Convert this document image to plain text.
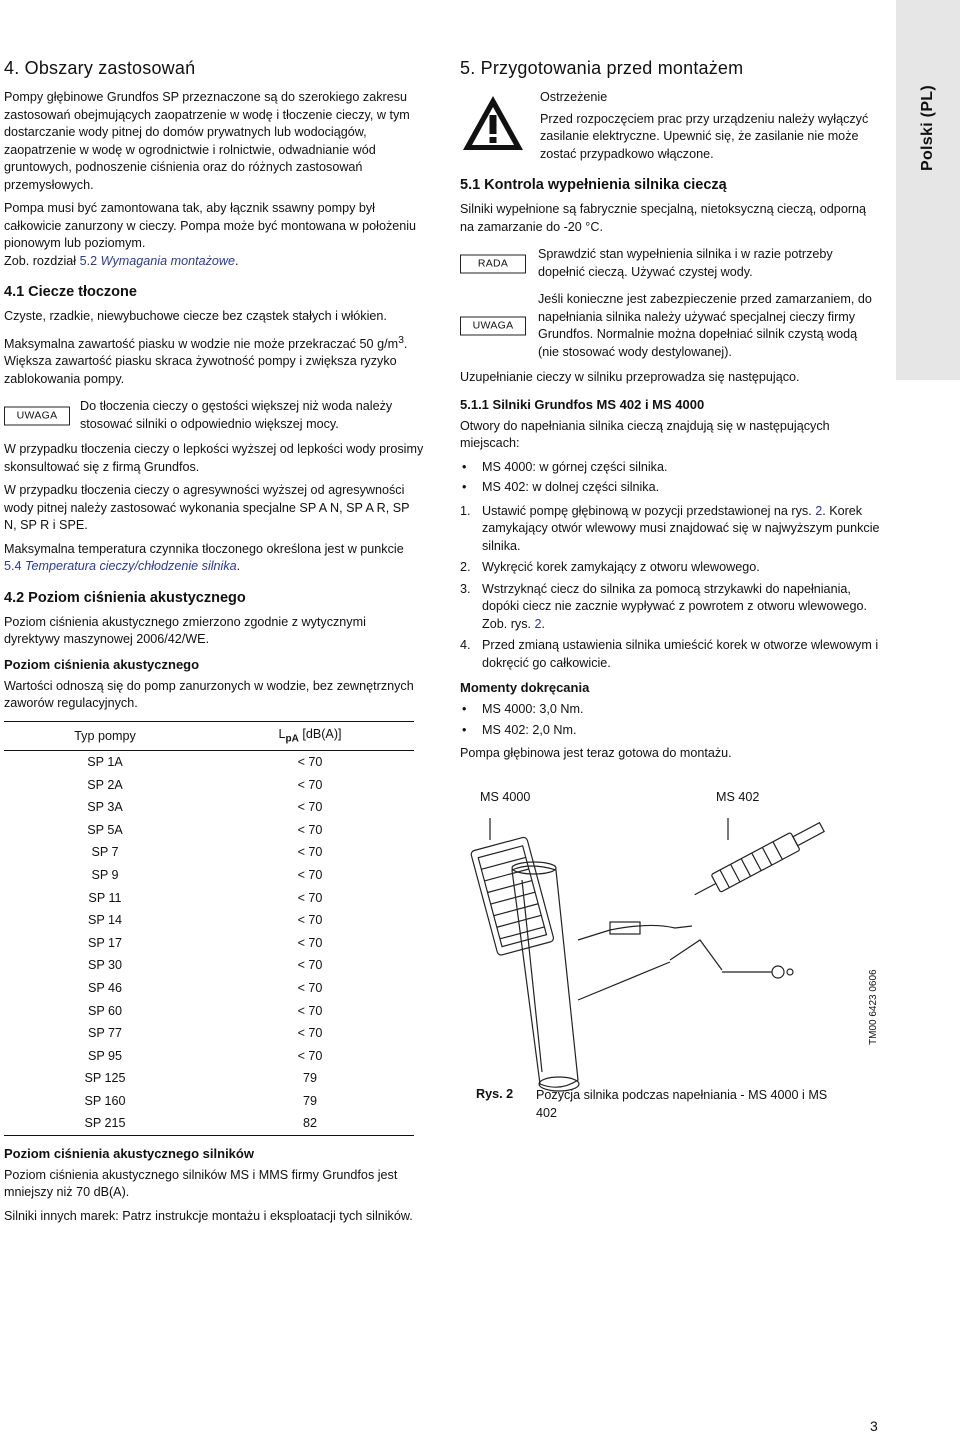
Polski (PL)
4. Obszary zastosowań

Pompy głębinowe Grundfos SP przeznaczone są do szerokiego zakresu zastosowań obejmujących zaopatrzenie w wodę i tłoczenie cieczy, w tym dostarczanie wody pitnej do domów prywatnych lub wodociągów, zaopatrzenie w wodę w ogrodnictwie i rolnictwie, odwadnianie wód gruntowych, podnoszenie ciśnienia oraz do różnych zastosowań przemysłowych.

Pompa musi być zamontowana tak, aby łącznik ssawny pompy był całkowicie zanurzony w cieczy. Pompa może być montowana w położeniu pionowym lub poziomym.
Zob. rozdział 5.2 Wymagania montażowe.

4.1 Ciecze tłoczone

Czyste, rzadkie, niewybuchowe ciecze bez cząstek stałych i włókien.

Maksymalna zawartość piasku w wodzie nie może przekraczać 50 $g/m^3$. Większa zawartość piasku skraca żywotność pompy i zwiększa ryzyko zablokowania pompy.

UWAGA

Do tłoczenia cieczy o gęstości większej niż woda należy stosować silniki o odpowiednio większej mocy.

W przypadku tłoczenia cieczy o lepkości wyższej od lepkości wody prosimy skonsultować się z firmą Grundfos.

W przypadku tłoczenia cieczy o agresywności wyższej od agresywności wody pitnej należy zastosować wykonania specjalne SP A N, SP A R, SP N, SP R i SPE.

Maksymalna temperatura czynnika tłoczonego określona jest w punkcie 5.4 Temperatura cieczy/chłodzenie silnika.

4.2 Poziom ciśnienia akustycznego

Poziom ciśnienia akustycznego zmierzono zgodnie z wytycznymi dyrektywy maszynowej 2006/42/WE.

Poziom ciśnienia akustycznego

Wartości odnoszą się do pomp zanurzonych w wodzie, bez zewnętrznych zaworów regulacyjnych.

Typ pompy	$L_{pA}$ [dB(A)]
SP 1A	< 70
SP 2A	< 70
SP 3A	< 70
SP 5A	< 70
SP 7	< 70
SP 9	< 70
SP 11	< 70
SP 14	< 70
SP 17	< 70
SP 30	< 70
SP 46	< 70
SP 60	< 70
SP 77	< 70
SP 95	< 70
SP 125	79
SP 160	79
SP 215	82
Poziom ciśnienia akustycznego silników

Poziom ciśnienia akustycznego silników MS i MMS firmy Grundfos jest mniejszy niż 70 dB(A).

Silniki innych marek: Patrz instrukcje montażu i eksploatacji tych silników.

5. Przygotowania przed montażem

Ostrzeżenie

Przed rozpoczęciem prac przy urządzeniu należy wyłączyć zasilanie elektryczne. Upewnić się, że zasilanie nie może zostać przypadkowo włączone.

5.1 Kontrola wypełnienia silnika cieczą

Silniki wypełnione są fabrycznie specjalną, nietoksyczną cieczą, odporną na zamarzanie do -20 °C.

RADA

Sprawdzić stan wypełnienia silnika i w razie potrzeby dopełnić cieczą. Używać czystej wody.

UWAGA

Jeśli konieczne jest zabezpieczenie przed zamarzaniem, do napełniania silnika należy używać specjalnej cieczy firmy Grundfos. Normalnie można dopełniać silnik czystą wodą (nie stosować wody destylowanej).

Uzupełnianie cieczy w silniku przeprowadza się następująco.

5.1.1 Silniki Grundfos MS 402 i MS 4000

Otwory do napełniania silnika cieczą znajdują się w następujących miejscach:

• MS 4000: w górnej części silnika.
• MS 402: w dolnej części silnika.
1. Ustawić pompę głębinową w pozycji przedstawionej na rys. 2. Korek zamykający otwór wlewowy musi znajdować się w najwyższym punkcie silnika.
2. Wykręcić korek zamykający z otworu wlewowego.
3. Wstrzyknąć ciecz do silnika za pomocą strzykawki do napełniania, dopóki ciecz nie zacznie wypływać z powrotem z otworu wlewowego. Zob. rys. 2.
4. Przed zmianą ustawienia silnika umieścić korek w otworze wlewowym i dokręcić go całkowicie.
Momenty dokręcania
• MS 4000: 3,0 Nm.
• MS 402: 2,0 Nm.

Pompa głębinowa jest teraz gotowa do montażu.

MS 4000	MS 402
Rys. 2 Pozycja silnika podczas napełniania - MS 4000 i MS 402
TM00 6423 0606
3
